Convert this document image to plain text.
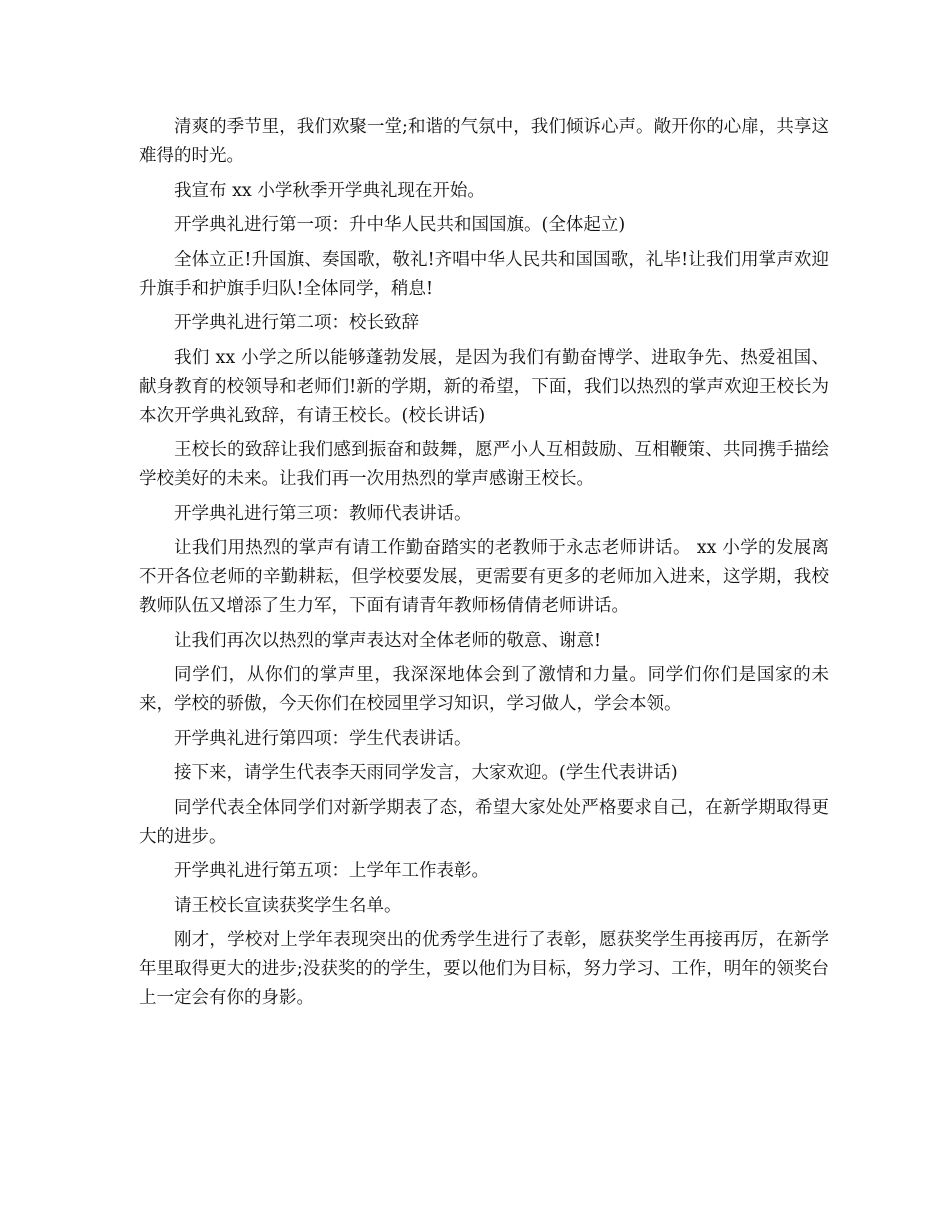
清爽的季节里，我们欢聚一堂;和谐的气氛中，我们倾诉心声。敞开你的心扉，共享这难得的时光。

我宣布 xx 小学秋季开学典礼现在开始。

开学典礼进行第一项：升中华人民共和国国旗。(全体起立)

全体立正!升国旗、奏国歌，敬礼!齐唱中华人民共和国国歌，礼毕!让我们用掌声欢迎升旗手和护旗手归队!全体同学，稍息!

开学典礼进行第二项：校长致辞

我们 xx 小学之所以能够蓬勃发展，是因为我们有勤奋博学、进取争先、热爱祖国、献身教育的校领导和老师们!新的学期，新的希望，下面，我们以热烈的掌声欢迎王校长为本次开学典礼致辞，有请王校长。(校长讲话)

王校长的致辞让我们感到振奋和鼓舞，愿严小人互相鼓励、互相鞭策、共同携手描绘学校美好的未来。让我们再一次用热烈的掌声感谢王校长。

开学典礼进行第三项：教师代表讲话。

让我们用热烈的掌声有请工作勤奋踏实的老教师于永志老师讲话。 xx 小学的发展离不开各位老师的辛勤耕耘，但学校要发展，更需要有更多的老师加入进来，这学期，我校教师队伍又增添了生力军，下面有请青年教师杨倩倩老师讲话。

让我们再次以热烈的掌声表达对全体老师的敬意、谢意!

同学们，从你们的掌声里，我深深地体会到了激情和力量。同学们你们是国家的未来，学校的骄傲，今天你们在校园里学习知识，学习做人，学会本领。

开学典礼进行第四项：学生代表讲话。

接下来，请学生代表李天雨同学发言，大家欢迎。(学生代表讲话)

同学代表全体同学们对新学期表了态，希望大家处处严格要求自己，在新学期取得更大的进步。

开学典礼进行第五项：上学年工作表彰。

请王校长宣读获奖学生名单。

刚才，学校对上学年表现突出的优秀学生进行了表彰，愿获奖学生再接再厉，在新学年里取得更大的进步;没获奖的的学生，要以他们为目标，努力学习、工作，明年的领奖台上一定会有你的身影。
